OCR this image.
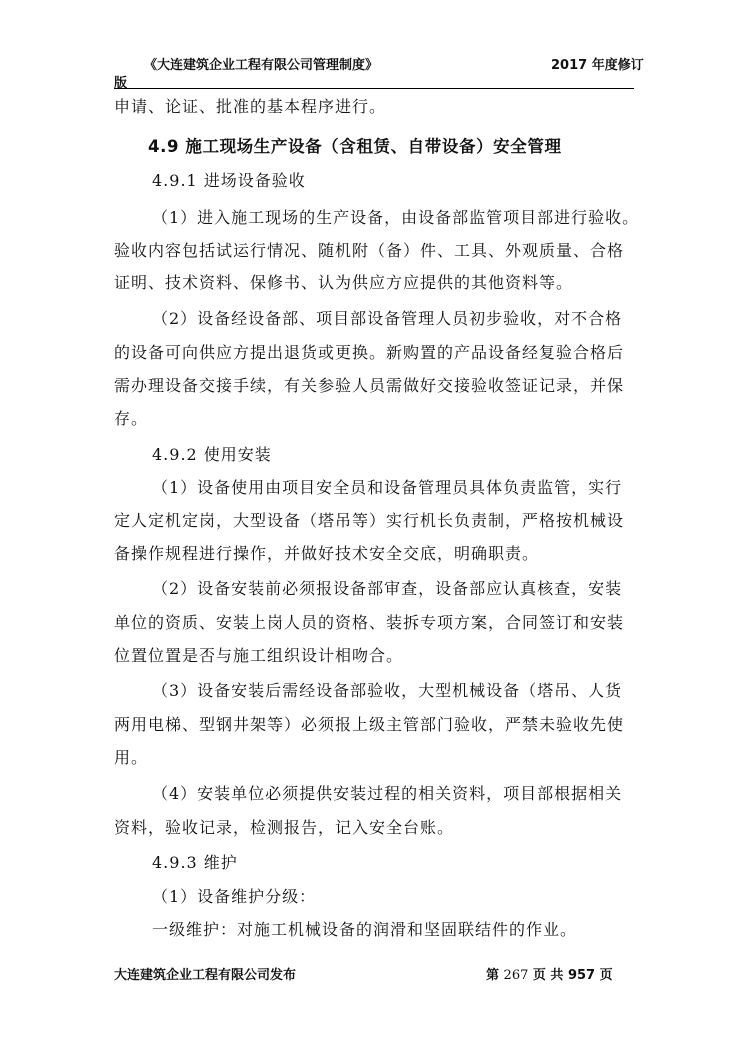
《大连建筑企业工程有限公司管理制度》	2017 年度修订
版
申请、论证、批准的基本程序进行。
4.9 施工现场生产设备（含租赁、自带设备）安全管理
4.9.1 进场设备验收
（1）进入施工现场的生产设备，由设备部监管项目部进行验收。
验收内容包括试运行情况、随机附（备）件、工具、外观质量、合格
证明、技术资料、保修书、认为供应方应提供的其他资料等。
（2）设备经设备部、项目部设备管理人员初步验收，对不合格
的设备可向供应方提出退货或更换。新购置的产品设备经复验合格后
需办理设备交接手续，有关参验人员需做好交接验收签证记录，并保
存。
4.9.2 使用安装
（1）设备使用由项目安全员和设备管理员具体负责监管，实行
定人定机定岗，大型设备（塔吊等）实行机长负责制，严格按机械设
备操作规程进行操作，并做好技术安全交底，明确职责。
（2）设备安装前必须报设备部审查，设备部应认真核查，安装
单位的资质、安装上岗人员的资格、装拆专项方案，合同签订和安装
位置位置是否与施工组织设计相吻合。
（3）设备安装后需经设备部验收，大型机械设备（塔吊、人货
两用电梯、型钢井架等）必须报上级主管部门验收，严禁未验收先使
用。
（4）安装单位必须提供安装过程的相关资料，项目部根据相关
资料，验收记录，检测报告，记入安全台账。
4.9.3 维护
（1）设备维护分级：
一级维护：对施工机械设备的润滑和坚固联结件的作业。
大连建筑企业工程有限公司发布	第 267 页 共 957 页
